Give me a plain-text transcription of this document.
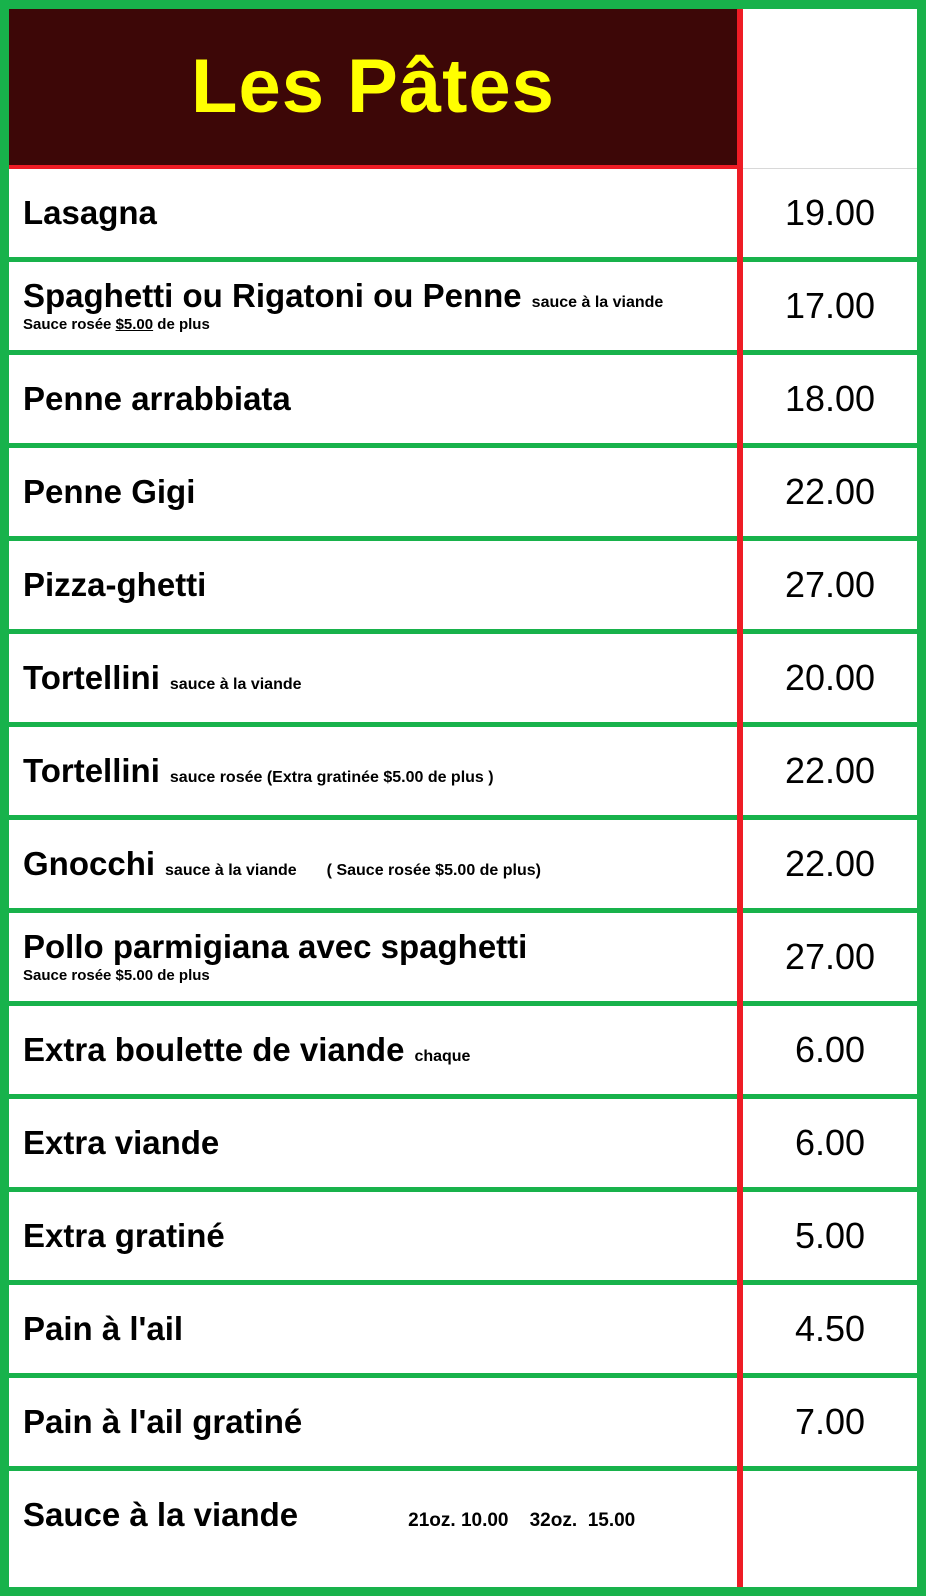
Les Pâtes
Lasagna	19.00
Spaghetti ou Rigatoni ou Penne sauce à la viande
Sauce rosée $5.00 de plus	17.00
Penne arrabbiata	18.00
Penne Gigi	22.00
Pizza-ghetti	27.00
Tortellini sauce à la viande	20.00
Tortellini sauce rosée (Extra gratinée $5.00 de plus )	22.00
Gnocchi sauce à la viande ( Sauce rosée $5.00 de plus)	22.00
Pollo parmigiana avec spaghetti
Sauce rosée $5.00 de plus	27.00
Extra boulette de viande chaque	6.00
Extra viande	6.00
Extra gratiné	5.00
Pain à l'ail	4.50
Pain à l'ail gratiné	7.00
Sauce à la viande	21oz. 10.00    32oz.  15.00
